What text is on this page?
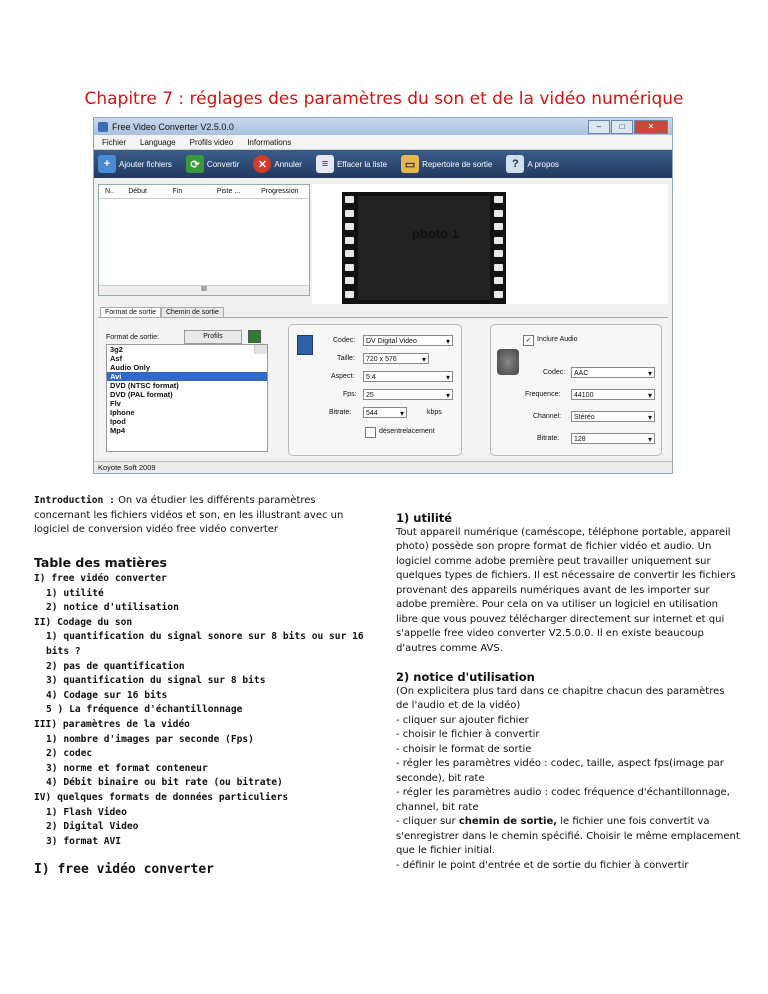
Chapitre 7 : réglages des paramètres du son et de la vidéo numérique
Free Video Converter V2.5.0.0	–	□	✕
Fichier Language Profils video Informations
+	Ajouter fichiers	⟳ Convertir	✕ Annuler	≡	Effacer la liste	▭ Repertoire de sortie	?	A propos
N..	Début	Fin	Piste ...	Progression
III
photo 1
Format de sortie	Chemin de sortie
Format de sortie:	Profils
3g2
Asf
Audio Only
Avi
DVD (NTSC format)
DVD (PAL format)
Flv
Iphone
Ipod
Mp4
Codec:	DV Digital Video ▾
Taille:	720 x 576 ▾
Aspect:	5:4 ▾
Fps:	25 ▾
Bitrate:	544 ▾	kbps
désentrelacement
✓ Inclure Audio
Codec:	AAC ▾
Frequence:	44100 ▾
Channel:	Stéréo ▾
Bitrate:	128 ▾
Koyote Soft 2009
Introduction : On va étudier les différents paramètres concernant les fichiers vidéos et son, en les illustrant avec un logiciel de conversion vidéo free vidéo converter
Table des matières
I) free vidéo converter
1) utilité
2) notice d'utilisation
II) Codage du son
1) quantification du signal sonore sur 8 bits ou sur 16
bits ?
2) pas de quantification
3) quantification du signal sur 8 bits
4) Codage sur 16 bits
5 ) La fréquence d'échantillonnage
III) paramètres de la vidéo
1) nombre d'images par seconde (Fps)
2) codec
3) norme et format conteneur
4) Débit binaire ou bit rate (ou bitrate)
IV) quelques formats de données particuliers
1) Flash Video
2) Digital Video
3) format AVI
I) free vidéo converter
1) utilité
Tout appareil numérique (caméscope, téléphone portable, appareil photo) possède son propre format de fichier vidéo et audio. Un logiciel comme adobe première peut travailler uniquement sur quelques types de fichiers. Il est nécessaire de convertir les fichiers provenant des appareils numériques avant de les importer sur adobe première. Pour cela on va utiliser un logiciel en utilisation libre que vous pouvez télécharger directement sur internet et qui s'appelle free video converter V2.5.0.0. Il en existe beaucoup d'autres comme AVS.
2) notice d'utilisation
(On explicitera plus tard dans ce chapitre chacun des paramètres de l'audio et de la vidéo)
- cliquer sur ajouter fichier
- choisir le fichier à convertir
- choisir le format de sortie
- régler les paramètres vidéo : codec, taille, aspect fps(image par seconde), bit rate
- régler les paramètres audio : codec fréquence d'échantillonnage, channel, bit rate
- cliquer sur chemin de sortie, le fichier une fois convertit va s'enregistrer dans le chemin spécifié. Choisir le même emplacement que le fichier initial.
- définir le point d'entrée et de sortie du fichier à convertir
